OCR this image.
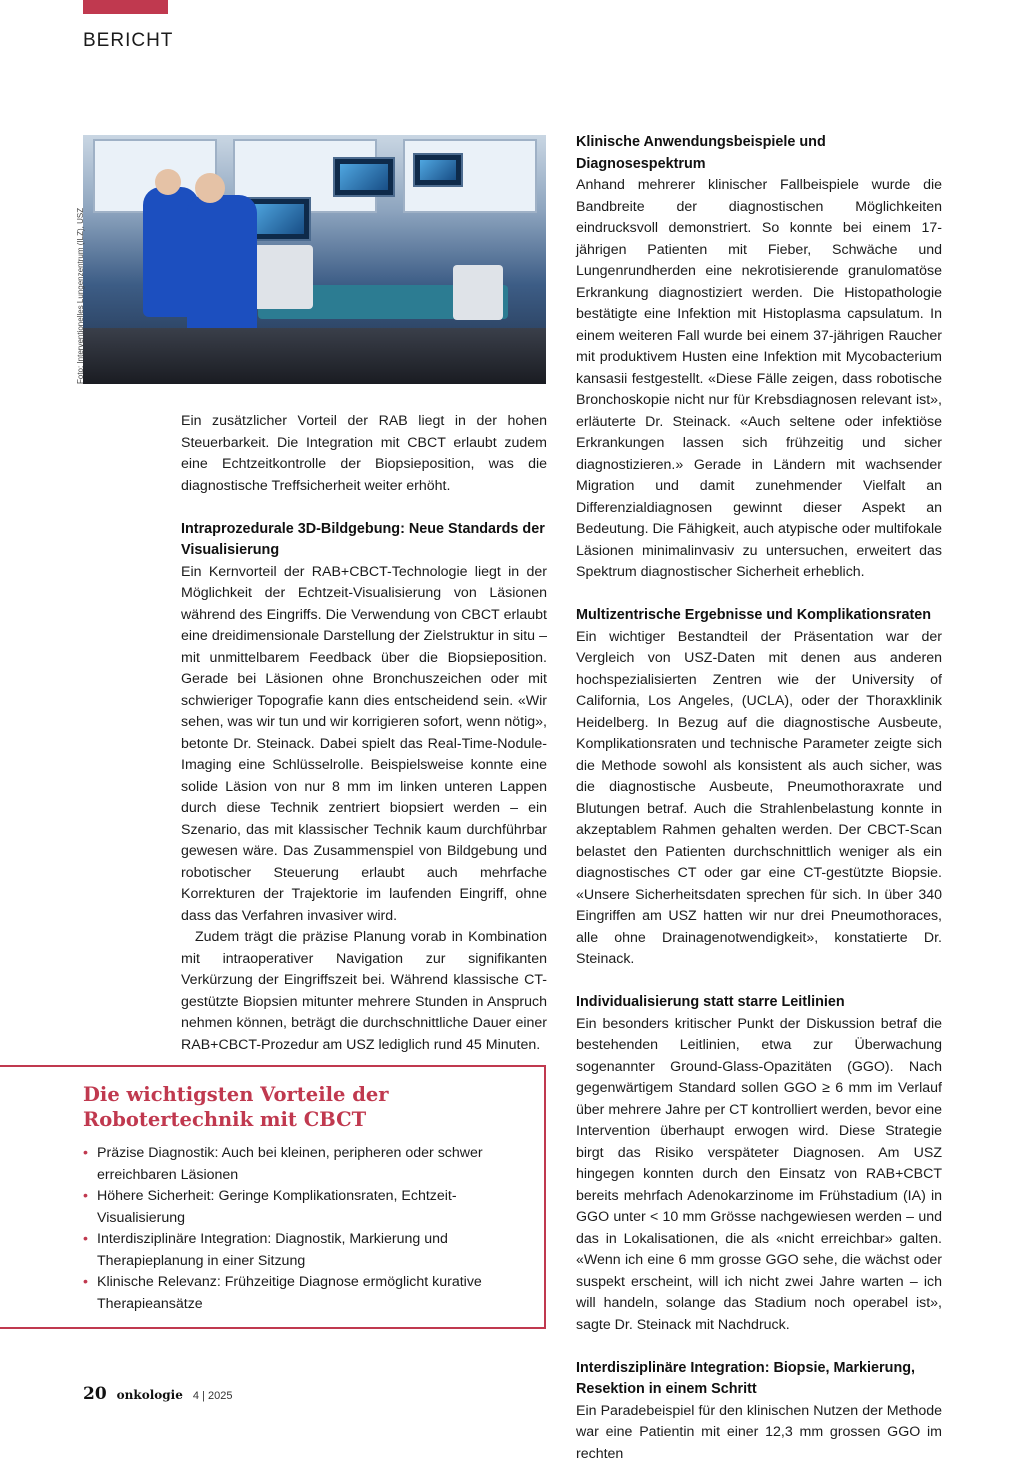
BERICHT
Foto: Interventionelles Lungenzentrum (ILZ), USZ

Ein zusätzlicher Vorteil der RAB liegt in der hohen Steuerbarkeit. Die Integration mit CBCT erlaubt zudem eine Echtzeitkontrolle der Biopsieposition, was die diagnostische Treffsicherheit weiter erhöht.

Intraprozedurale 3D-Bildgebung: Neue Standards der Visualisierung

Ein Kernvorteil der RAB+CBCT-Technologie liegt in der Möglichkeit der Echtzeit-Visualisierung von Läsionen während des Eingriffs. Die Verwendung von CBCT erlaubt eine dreidimensionale Darstellung der Zielstruktur in situ – mit unmittelbarem Feedback über die Biopsieposition. Gerade bei Läsionen ohne Bronchuszeichen oder mit schwieriger Topografie kann dies entscheidend sein. «Wir sehen, was wir tun und wir korrigieren sofort, wenn nötig», betonte Dr. Steinack. Dabei spielt das Real-Time-Nodule-Imaging eine Schlüsselrolle. Beispielsweise konnte eine solide Läsion von nur 8 mm im linken unteren Lappen durch diese Technik zentriert biopsiert werden – ein Szenario, das mit klassischer Technik kaum durchführbar gewesen wäre. Das Zusammenspiel von Bildgebung und robotischer Steuerung erlaubt auch mehrfache Korrekturen der Trajektorie im laufenden Eingriff, ohne dass das Verfahren invasiver wird.

Zudem trägt die präzise Planung vorab in Kombination mit intraoperativer Navigation zur signifikanten Verkürzung der Eingriffszeit bei. Während klassische CT-gestützte Biopsien mitunter mehrere Stunden in Anspruch nehmen können, beträgt die durchschnittliche Dauer einer RAB+CBCT-Prozedur am USZ lediglich rund 45 Minuten.

Klinische Anwendungsbeispiele und Diagnosespektrum

Anhand mehrerer klinischer Fallbeispiele wurde die Bandbreite der diagnostischen Möglichkeiten eindrucksvoll demonstriert. So konnte bei einem 17-jährigen Patienten mit Fieber, Schwäche und Lungenrundherden eine nekrotisierende granulomatöse Erkrankung diagnostiziert werden. Die Histopathologie bestätigte eine Infektion mit Histoplasma capsulatum. In einem weiteren Fall wurde bei einem 37-jährigen Raucher mit produktivem Husten eine Infektion mit Mycobacterium kansasii festgestellt. «Diese Fälle zeigen, dass robotische Bronchoskopie nicht nur für Krebsdiagnosen relevant ist», erläuterte Dr. Steinack. «Auch seltene oder infektiöse Erkrankungen lassen sich frühzeitig und sicher diagnostizieren.» Gerade in Ländern mit wachsender Migration und damit zunehmender Vielfalt an Differenzialdiagnosen gewinnt dieser Aspekt an Bedeutung. Die Fähigkeit, auch atypische oder multifokale Läsionen minimalinvasiv zu untersuchen, erweitert das Spektrum diagnostischer Sicherheit erheblich.

Multizentrische Ergebnisse und Komplikationsraten

Ein wichtiger Bestandteil der Präsentation war der Vergleich von USZ-Daten mit denen aus anderen hochspezialisierten Zentren wie der University of California, Los Angeles, (UCLA), oder der Thoraxklinik Heidelberg. In Bezug auf die diagnostische Ausbeute, Komplikationsraten und technische Parameter zeigte sich die Methode sowohl als konsistent als auch sicher, was die diagnostische Ausbeute, Pneumothoraxrate und Blutungen betraf. Auch die Strahlenbelastung konnte in akzeptablem Rahmen gehalten werden. Der CBCT-Scan belastet den Patienten durchschnittlich weniger als ein diagnostisches CT oder gar eine CT-gestützte Biopsie. «Unsere Sicherheitsdaten sprechen für sich. In über 340 Eingriffen am USZ hatten wir nur drei Pneumothoraces, alle ohne Drainagenotwendigkeit», konstatierte Dr. Steinack.

Individualisierung statt starre Leitlinien

Ein besonders kritischer Punkt der Diskussion betraf die bestehenden Leitlinien, etwa zur Überwachung sogenannter Ground-Glass-Opazitäten (GGO). Nach gegenwärtigem Standard sollen GGO ≥ 6 mm im Verlauf über mehrere Jahre per CT kontrolliert werden, bevor eine Intervention überhaupt erwogen wird. Diese Strategie birgt das Risiko verspäteter Diagnosen. Am USZ hingegen konnten durch den Einsatz von RAB+CBCT bereits mehrfach Adenokarzinome im Frühstadium (IA) in GGO unter < 10 mm Grösse nachgewiesen werden – und das in Lokalisationen, die als «nicht erreichbar» galten. «Wenn ich eine 6 mm grosse GGO sehe, die wächst oder suspekt erscheint, will ich nicht zwei Jahre warten – ich will handeln, solange das Stadium noch operabel ist», sagte Dr. Steinack mit Nachdruck.

Interdisziplinäre Integration: Biopsie, Markierung, Resektion in einem Schritt

Ein Paradebeispiel für den klinischen Nutzen der Methode war eine Patientin mit einer 12,3 mm grossen GGO im rechten

Die wichtigsten Vorteile der Robotertechnik mit CBCT
• Präzise Diagnostik: Auch bei kleinen, peripheren oder schwer erreichbaren Läsionen
• Höhere Sicherheit: Geringe Komplikationsraten, Echtzeit-Visualisierung
• Interdisziplinäre Integration: Diagnostik, Markierung und Therapieplanung in einer Sitzung
• Klinische Relevanz: Frühzeitige Diagnose ermöglicht kurative Therapieansätze
20 onkologie 4 | 2025
